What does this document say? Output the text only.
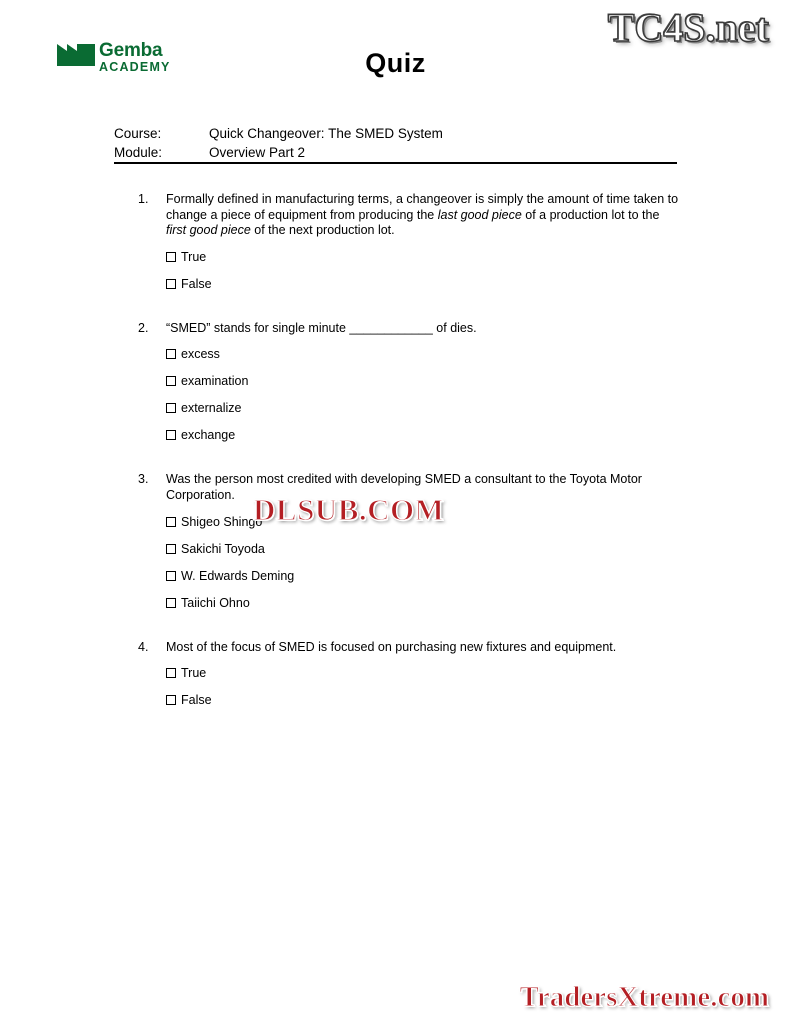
Gemba
ACADEMY	Quiz
Course:	Quick Changeover: The SMED System
Module:	Overview Part 2
1.	Formally defined in manufacturing terms, a changeover is simply the amount of time taken to change a piece of equipment from producing the last good piece of a production lot to the first good piece of the next production lot.
True
False
2.	“SMED” stands for single minute ____________ of dies.
excess
examination
externalize
exchange
3.	Was the person most credited with developing SMED a consultant to the Toyota Motor Corporation.
Shigeo Shingo
Sakichi Toyoda
W. Edwards Deming
Taiichi Ohno
4.	Most of the focus of SMED is focused on purchasing new fixtures and equipment.
True
False
TC4S.net
DLSUB.COM
TradersXtreme.com
